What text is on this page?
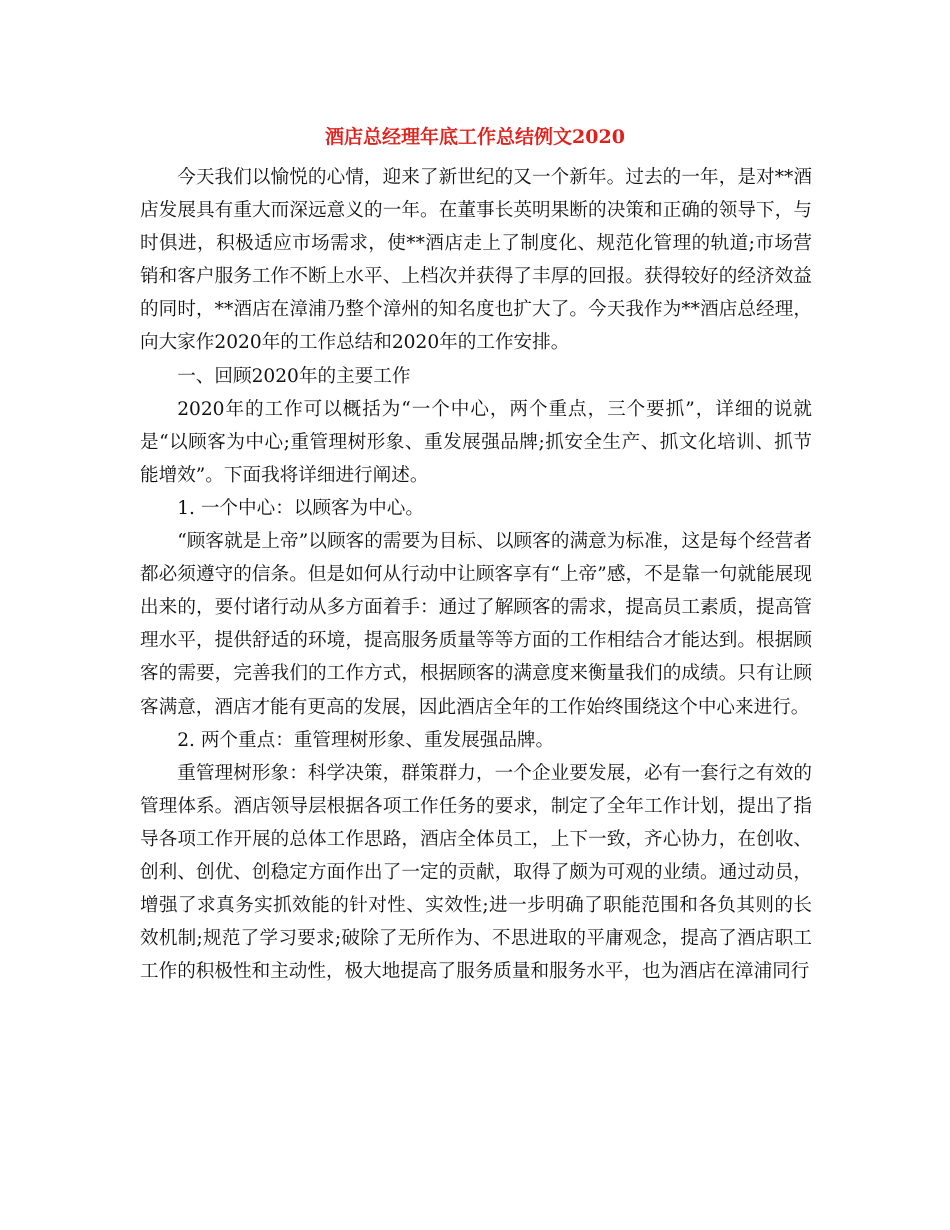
酒店总经理年底工作总结例文2020

今天我们以愉悦的心情，迎来了新世纪的又一个新年。过去的一年，是对**酒店发展具有重大而深远意义的一年。在董事长英明果断的决策和正确的领导下，与时俱进，积极适应市场需求，使**酒店走上了制度化、规范化管理的轨道;市场营销和客户服务工作不断上水平、上档次并获得了丰厚的回报。获得较好的经济效益的同时，**酒店在漳浦乃整个漳州的知名度也扩大了。今天我作为**酒店总经理，向大家作2020年的工作总结和2020年的工作安排。

一、回顾2020年的主要工作

2020年的工作可以概括为“一个中心，两个重点，三个要抓”，详细的说就是“以顾客为中心;重管理树形象、重发展强品牌;抓安全生产、抓文化培训、抓节能增效”。下面我将详细进行阐述。

1. 一个中心：以顾客为中心。

“顾客就是上帝”以顾客的需要为目标、以顾客的满意为标准，这是每个经营者都必须遵守的信条。但是如何从行动中让顾客享有“上帝”感，不是靠一句就能展现出来的，要付诸行动从多方面着手：通过了解顾客的需求，提高员工素质，提高管理水平，提供舒适的环境，提高服务质量等等方面的工作相结合才能达到。根据顾客的需要，完善我们的工作方式，根据顾客的满意度来衡量我们的成绩。只有让顾客满意，酒店才能有更高的发展，因此酒店全年的工作始终围绕这个中心来进行。

2. 两个重点：重管理树形象、重发展强品牌。

重管理树形象：科学决策，群策群力，一个企业要发展，必有一套行之有效的管理体系。酒店领导层根据各项工作任务的要求，制定了全年工作计划，提出了指导各项工作开展的总体工作思路，酒店全体员工，上下一致，齐心协力，在创收、创利、创优、创稳定方面作出了一定的贡献，取得了颇为可观的业绩。通过动员，增强了求真务实抓效能的针对性、实效性;进一步明确了职能范围和各负其则的长效机制;规范了学习要求;破除了无所作为、不思进取的平庸观念，提高了酒店职工工作的积极性和主动性，极大地提高了服务质量和服务水平，也为酒店在漳浦同行
